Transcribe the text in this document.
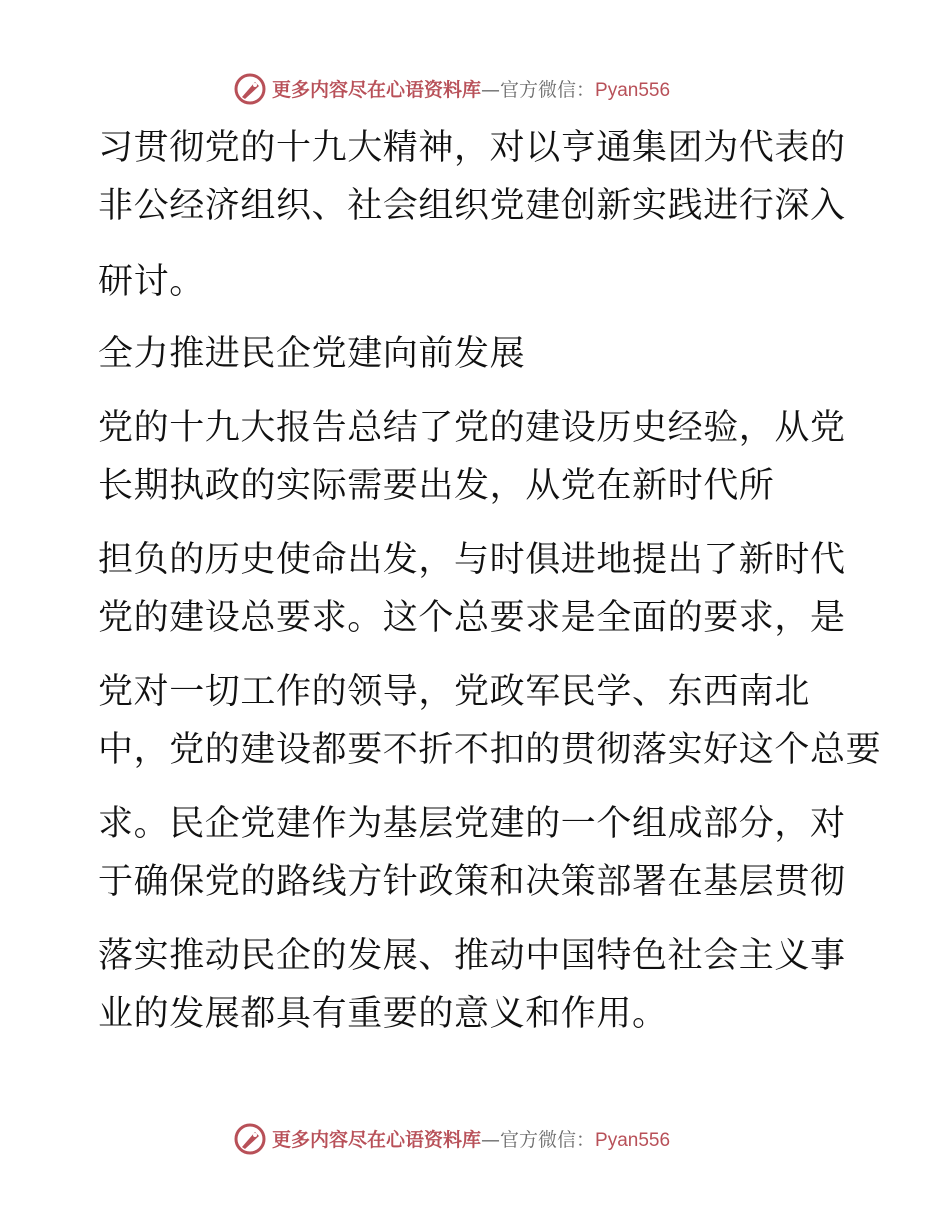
更多内容尽在心语资料库—官方微信：Pyan556
习贯彻党的十九大精神，对以亨通集团为代表的
非公经济组织、社会组织党建创新实践进行深入
研讨。
全力推进民企党建向前发展
党的十九大报告总结了党的建设历史经验，从党
长期执政的实际需要出发，从党在新时代所
担负的历史使命出发，与时俱进地提出了新时代
党的建设总要求。这个总要求是全面的要求，是
党对一切工作的领导，党政军民学、东西南北
中，党的建设都要不折不扣的贯彻落实好这个总要
求。民企党建作为基层党建的一个组成部分，对
于确保党的路线方针政策和决策部署在基层贯彻
落实推动民企的发展、推动中国特色社会主义事
业的发展都具有重要的意义和作用。
更多内容尽在心语资料库—官方微信：Pyan556
